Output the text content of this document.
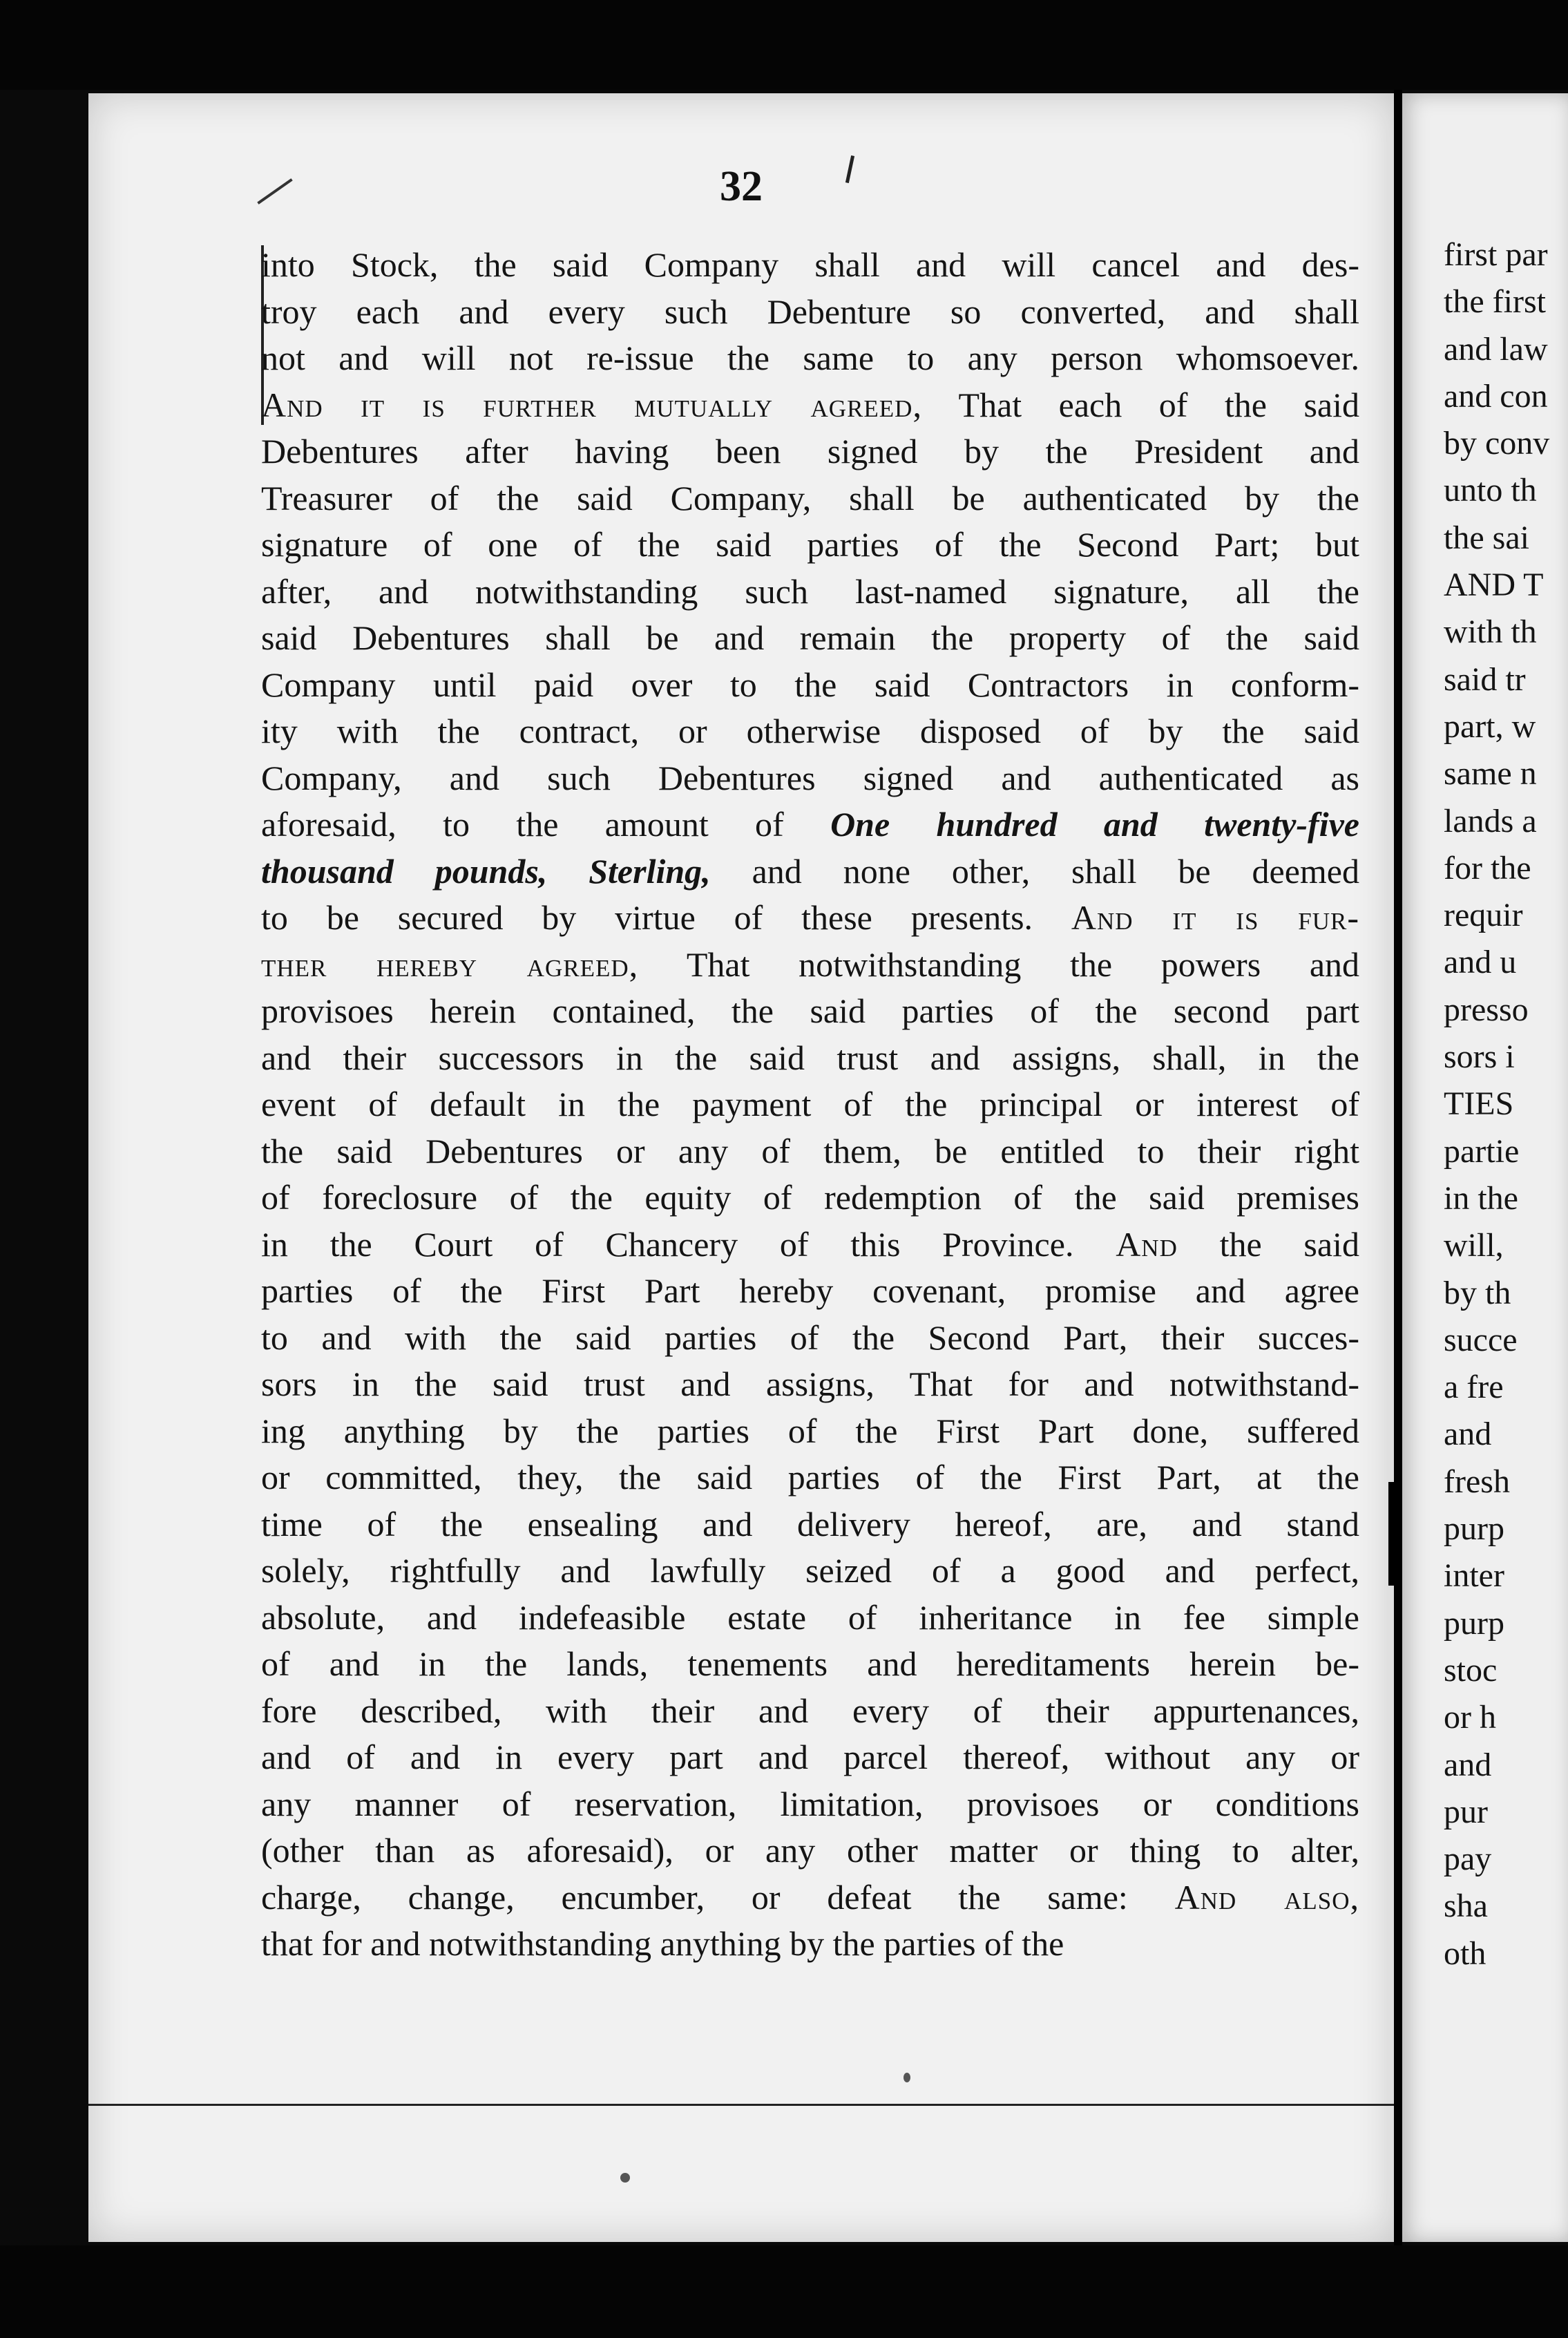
32
into Stock, the said Company shall and will cancel and des-
troy each and every such Debenture so converted, and shall
not and will not re-issue the same to any person whomsoever.
And it is further mutually agreed, That each of the said
Debentures after having been signed by the President and
Treasurer of the said Company, shall be authenticated by the
signature of one of the said parties of the Second Part; but
after, and notwithstanding such last-named signature, all the
said Debentures shall be and remain the property of the said
Company until paid over to the said Contractors in conform-
ity with the contract, or otherwise disposed of by the said
Company, and such Debentures signed and authenticated as
aforesaid, to the amount of One hundred and twenty-five
thousand pounds, Sterling, and none other, shall be deemed
to be secured by virtue of these presents. And it is fur-
ther hereby agreed, That notwithstanding the powers and
provisoes herein contained, the said parties of the second part
and their successors in the said trust and assigns, shall, in the
event of default in the payment of the principal or interest of
the said Debentures or any of them, be entitled to their right
of foreclosure of the equity of redemption of the said premises
in the Court of Chancery of this Province. And the said
parties of the First Part hereby covenant, promise and agree
to and with the said parties of the Second Part, their succes-
sors in the said trust and assigns, That for and notwithstand-
ing anything by the parties of the First Part done, suffered
or committed, they, the said parties of the First Part, at the
time of the ensealing and delivery hereof, are, and stand
solely, rightfully and lawfully seized of a good and perfect,
absolute, and indefeasible estate of inheritance in fee simple
of and in the lands, tenements and hereditaments herein be-
fore described, with their and every of their appurtenances,
and of and in every part and parcel thereof, without any or
any manner of reservation, limitation, provisoes or conditions
(other than as aforesaid), or any other matter or thing to alter,
charge, change, encumber, or defeat the same: And also,
that for and notwithstanding anything by the parties of the
first par
the first
and law
and con
by conv
unto th
the sai
AND T
with th
said tr
part, w
same n
lands a
for the
requir
and u
presso
sors i
TIES
partie
in the
will,
by th
succe
a fre
and
fresh
purp
inter
purp
stoc
or h
and
pur
pay
sha
oth
